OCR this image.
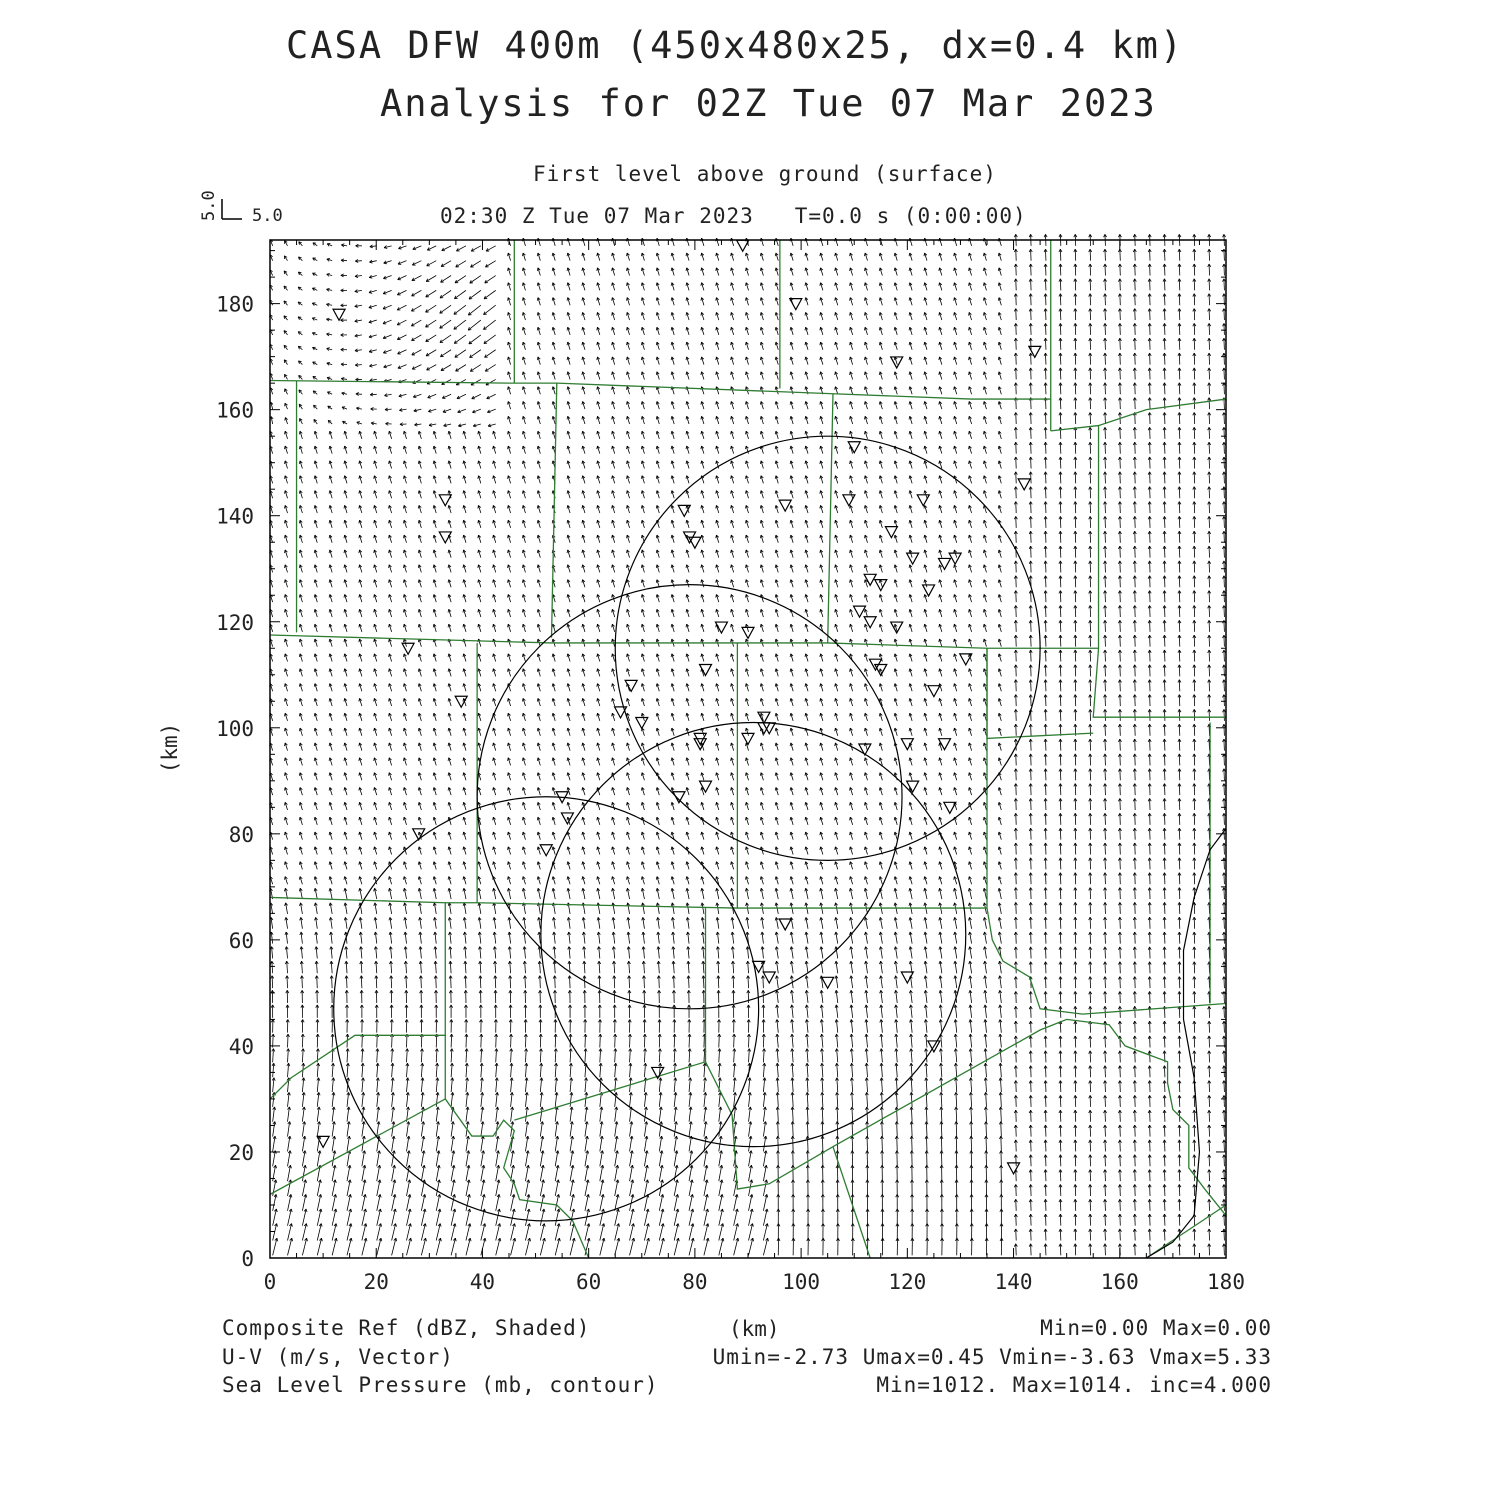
CASA DFW 400m (450x480x25, dx=0.4 km)
Analysis for 02Z Tue 07 Mar 2023
First level above ground (surface)
02:30 Z Tue 07 Mar 2023   T=0.0 s (0:00:00)
0	20	40	60	80	100	120	140	160	180
0
20
40
60
80
100
120
140
160
180
5.0
5.0
(km)
(km)
Composite Ref (dBZ, Shaded)	Min=0.00 Max=0.00
U-V (m/s, Vector)	Umin=-2.73 Umax=0.45 Vmin=-3.63 Vmax=5.33
Sea Level Pressure (mb, contour)	Min=1012. Max=1014. inc=4.000
